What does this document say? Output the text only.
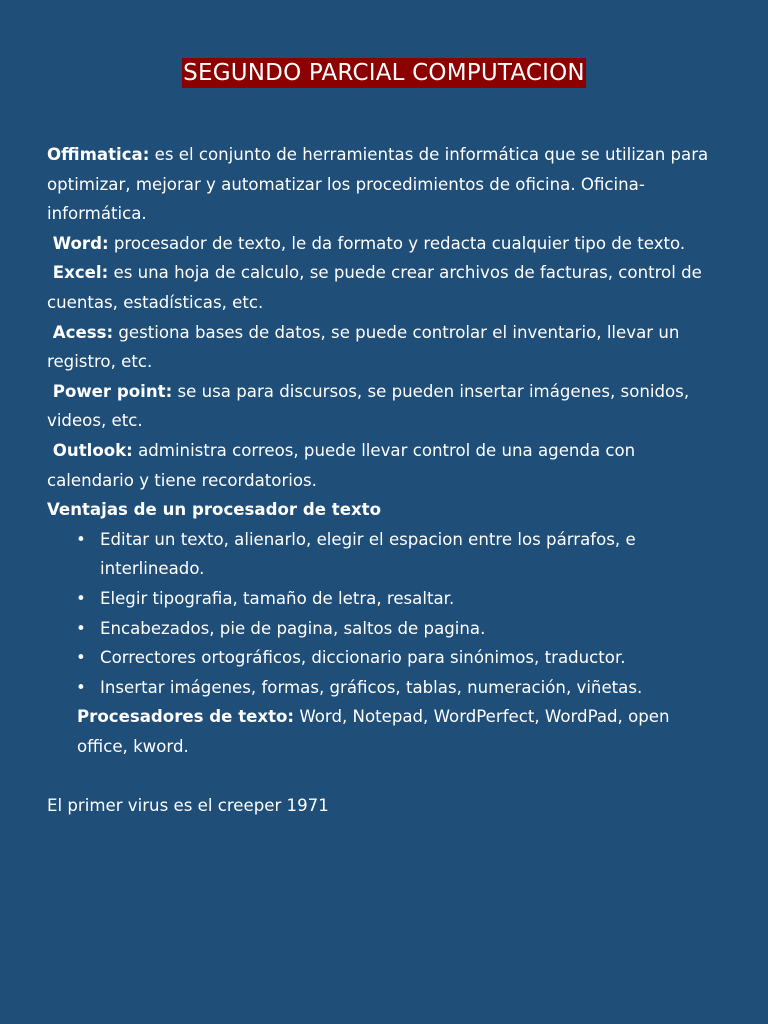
SEGUNDO PARCIAL COMPUTACION

Offimatica: es el conjunto de herramientas de informática que se utilizan para optimizar, mejorar y automatizar los procedimientos de oficina. Oficina-informática.

Word: procesador de texto, le da formato y redacta cualquier tipo de texto.

Excel: es una hoja de calculo, se puede crear archivos de facturas, control de cuentas, estadísticas, etc.

Acess: gestiona bases de datos, se puede controlar el inventario, llevar un registro, etc.

Power point: se usa para discursos, se pueden insertar imágenes, sonidos, videos, etc.

Outlook: administra correos, puede llevar control de una agenda con calendario y tiene recordatorios.

Ventajas de un procesador de texto

• Editar un texto, alienarlo, elegir el espacion entre los párrafos, e interlineado.
• Elegir tipografia, tamaño de letra, resaltar.
• Encabezados, pie de pagina, saltos de pagina.
• Correctores ortográficos, diccionario para sinónimos, traductor.
• Insertar imágenes, formas, gráficos, tablas, numeración, viñetas.

Procesadores de texto: Word, Notepad, WordPerfect, WordPad, open office, kword.

El primer virus es el creeper 1971
